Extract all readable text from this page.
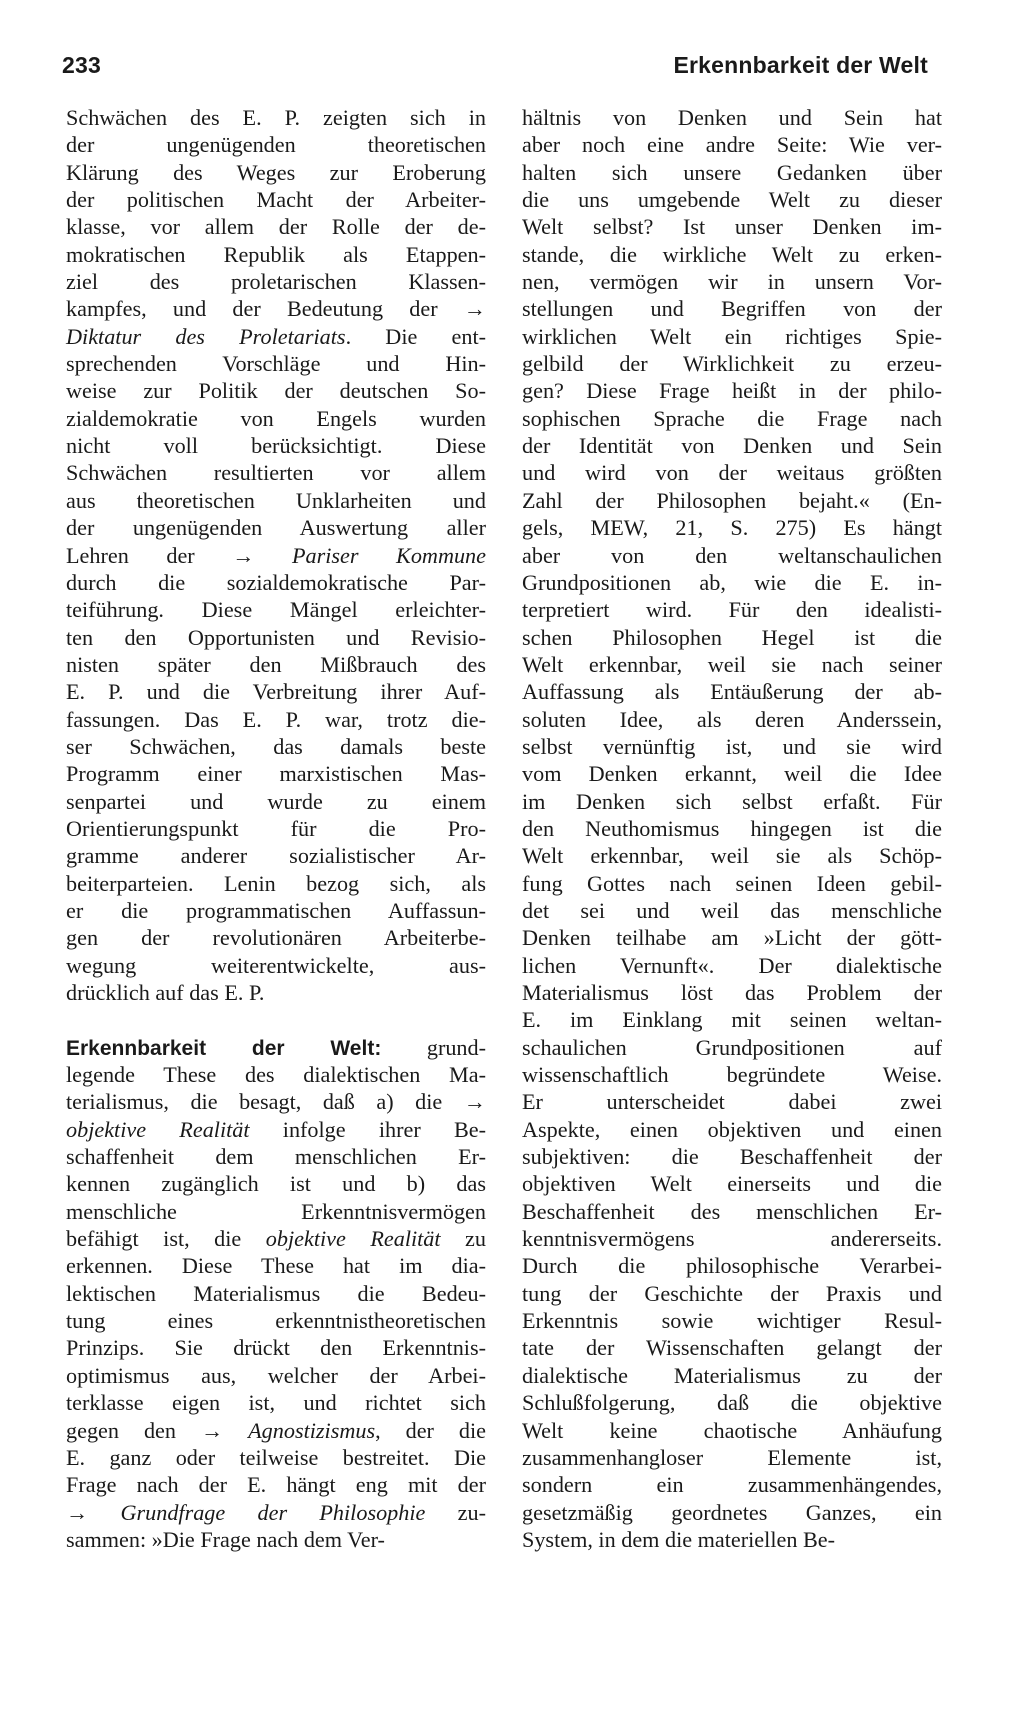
233	Erkennbarkeit der Welt
Schwächen des E. P. zeigten sich in
der ungenügenden theoretischen
Klärung des Weges zur Eroberung
der politischen Macht der Arbeiter-
klasse, vor allem der Rolle der de-
mokratischen Republik als Etappen-
ziel des proletarischen Klassen-
kampfes, und der Bedeutung der →
Diktatur des Proletariats. Die ent-
sprechenden Vorschläge und Hin-
weise zur Politik der deutschen So-
zialdemokratie von Engels wurden
nicht voll berücksichtigt. Diese
Schwächen resultierten vor allem
aus theoretischen Unklarheiten und
der ungenügenden Auswertung aller
Lehren der → Pariser Kommune
durch die sozialdemokratische Par-
teiführung. Diese Mängel erleichter-
ten den Opportunisten und Revisio-
nisten später den Mißbrauch des
E. P. und die Verbreitung ihrer Auf-
fassungen. Das E. P. war, trotz die-
ser Schwächen, das damals beste
Programm einer marxistischen Mas-
senpartei und wurde zu einem
Orientierungspunkt für die Pro-
gramme anderer sozialistischer Ar-
beiterparteien. Lenin bezog sich, als
er die programmatischen Auffassun-
gen der revolutionären Arbeiterbe-
wegung weiterentwickelte, aus-
drücklich auf das E. P.
Erkennbarkeit der Welt: grund-
legende These des dialektischen Ma-
terialismus, die besagt, daß a) die →
objektive Realität infolge ihrer Be-
schaffenheit dem menschlichen Er-
kennen zugänglich ist und b) das
menschliche Erkenntnisvermögen
befähigt ist, die objektive Realität zu
erkennen. Diese These hat im dia-
lektischen Materialismus die Bedeu-
tung eines erkenntnistheoretischen
Prinzips. Sie drückt den Erkenntnis-
optimismus aus, welcher der Arbei-
terklasse eigen ist, und richtet sich
gegen den → Agnostizismus, der die
E. ganz oder teilweise bestreitet. Die
Frage nach der E. hängt eng mit der
→ Grundfrage der Philosophie zu-
sammen: »Die Frage nach dem Ver-
hältnis von Denken und Sein hat
aber noch eine andre Seite: Wie ver-
halten sich unsere Gedanken über
die uns umgebende Welt zu dieser
Welt selbst? Ist unser Denken im-
stande, die wirkliche Welt zu erken-
nen, vermögen wir in unsern Vor-
stellungen und Begriffen von der
wirklichen Welt ein richtiges Spie-
gelbild der Wirklichkeit zu erzeu-
gen? Diese Frage heißt in der philo-
sophischen Sprache die Frage nach
der Identität von Denken und Sein
und wird von der weitaus größten
Zahl der Philosophen bejaht.« (En-
gels, MEW, 21, S. 275) Es hängt
aber von den weltanschaulichen
Grundpositionen ab, wie die E. in-
terpretiert wird. Für den idealisti-
schen Philosophen Hegel ist die
Welt erkennbar, weil sie nach seiner
Auffassung als Entäußerung der ab-
soluten Idee, als deren Anderssein,
selbst vernünftig ist, und sie wird
vom Denken erkannt, weil die Idee
im Denken sich selbst erfaßt. Für
den Neuthomismus hingegen ist die
Welt erkennbar, weil sie als Schöp-
fung Gottes nach seinen Ideen gebil-
det sei und weil das menschliche
Denken teilhabe am »Licht der gött-
lichen Vernunft«. Der dialektische
Materialismus löst das Problem der
E. im Einklang mit seinen weltan-
schaulichen Grundpositionen auf
wissenschaftlich begründete Weise.
Er unterscheidet dabei zwei
Aspekte, einen objektiven und einen
subjektiven: die Beschaffenheit der
objektiven Welt einerseits und die
Beschaffenheit des menschlichen Er-
kenntnisvermögens andererseits.
Durch die philosophische Verarbei-
tung der Geschichte der Praxis und
Erkenntnis sowie wichtiger Resul-
tate der Wissenschaften gelangt der
dialektische Materialismus zu der
Schlußfolgerung, daß die objektive
Welt keine chaotische Anhäufung
zusammenhangloser Elemente ist,
sondern ein zusammenhängendes,
gesetzmäßig geordnetes Ganzes, ein
System, in dem die materiellen Be-
